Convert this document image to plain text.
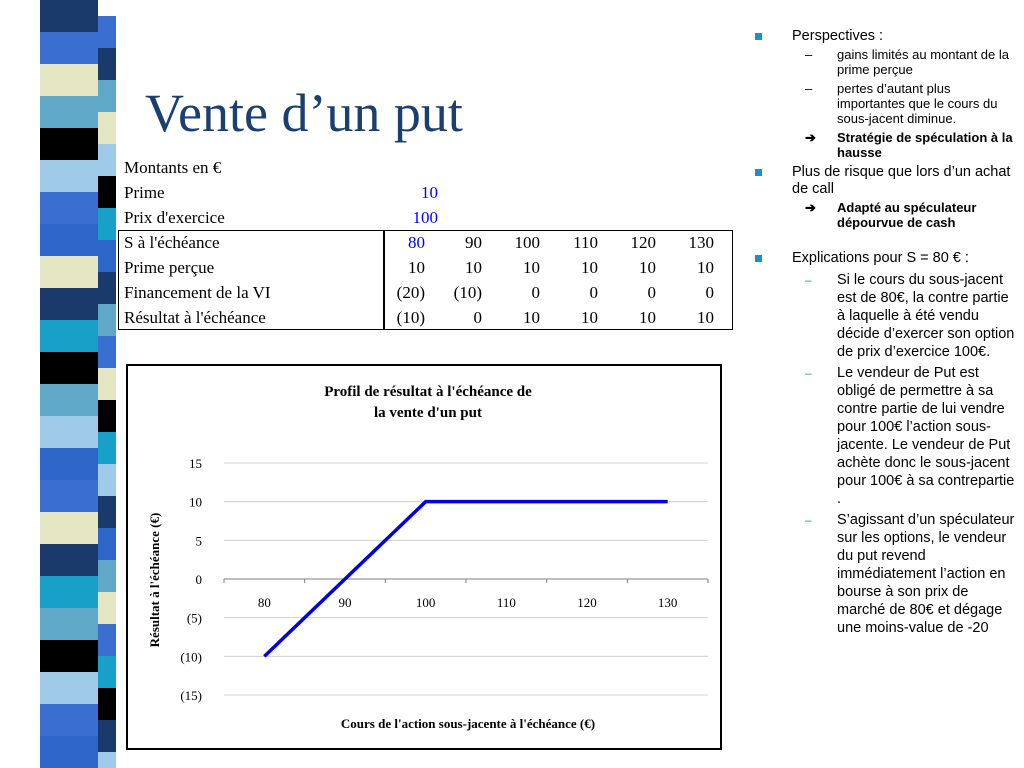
Vente d’un put
Montants en €
Prime	10
Prix d'exercice	100
S à l'échéance	80	90	100	110	120	130
Prime perçue	10	10	10	10	10	10
Financement de la VI	(20)	(10)	0	0	0	0
Résultat à l'échéance	(10)	0	10	10	10	10
Profil de résultat à l'échéance de
la vente d'un put
15
10
5
0
(5)
(10)
(15)
80	90	100	110	120	130
Résultat à l'échéance (€)
Cours de l'action sous-jacente à l'échéance (€)
Perspectives :
– gains limités au montant de la prime perçue
– pertes d’autant plus importantes que le cours du sous-jacent diminue.
➔ Stratégie de spéculation à la hausse
Plus de risque que lors d’un achat de call
➔ Adapté au spéculateur dépourvue de cash
Explications pour S = 80 € :
– Si le cours du sous-jacent est de 80€, la contre partie à laquelle à été vendu décide d’exercer son option de prix d’exercice 100€.
– Le vendeur de Put est obligé de permettre à sa contre partie de lui vendre pour 100€ l’action sous-jacente. Le vendeur de Put achète donc le sous-jacent pour 100€ à sa contrepartie .
– S’agissant d’un spéculateur sur les options, le vendeur du put revend immédiatement l’action en bourse à son prix de marché de 80€ et dégage une moins-value de -20
